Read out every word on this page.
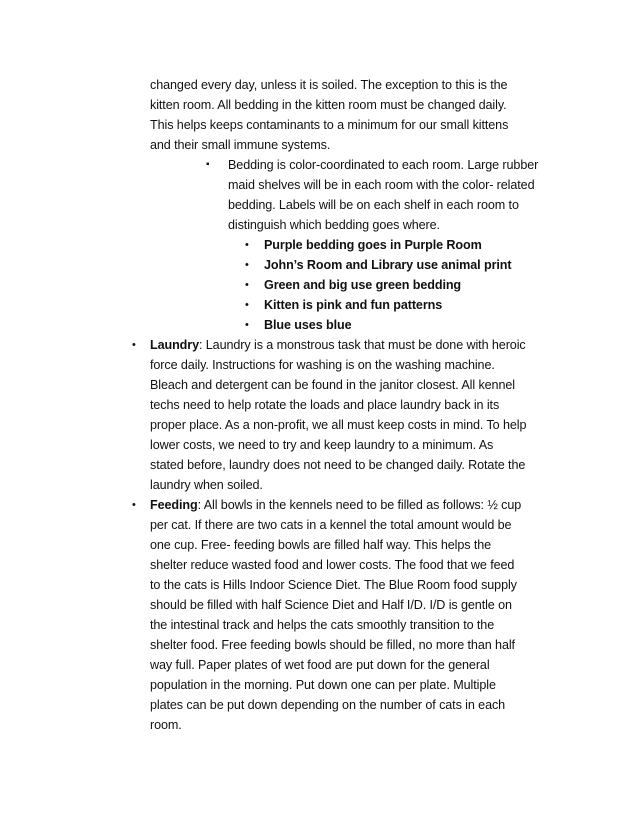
changed every day, unless it is soiled. The exception to this is the
kitten room. All bedding in the kitten room must be changed daily.
This helps keeps contaminants to a minimum for our small kittens
and their small immune systems.
▪ Bedding is color-coordinated to each room. Large rubber
maid shelves will be in each room with the color- related
bedding. Labels will be on each shelf in each room to
distinguish which bedding goes where.
• Purple bedding goes in Purple Room
• John’s Room and Library use animal print
• Green and big use green bedding
• Kitten is pink and fun patterns
• Blue uses blue
• Laundry: Laundry is a monstrous task that must be done with heroic
force daily. Instructions for washing is on the washing machine.
Bleach and detergent can be found in the janitor closest. All kennel
techs need to help rotate the loads and place laundry back in its
proper place. As a non-profit, we all must keep costs in mind. To help
lower costs, we need to try and keep laundry to a minimum. As
stated before, laundry does not need to be changed daily. Rotate the
laundry when soiled.
• Feeding: All bowls in the kennels need to be filled as follows: ½ cup
per cat. If there are two cats in a kennel the total amount would be
one cup. Free- feeding bowls are filled half way. This helps the
shelter reduce wasted food and lower costs. The food that we feed
to the cats is Hills Indoor Science Diet. The Blue Room food supply
should be filled with half Science Diet and Half I/D. I/D is gentle on
the intestinal track and helps the cats smoothly transition to the
shelter food. Free feeding bowls should be filled, no more than half
way full. Paper plates of wet food are put down for the general
population in the morning. Put down one can per plate. Multiple
plates can be put down depending on the number of cats in each
room.
